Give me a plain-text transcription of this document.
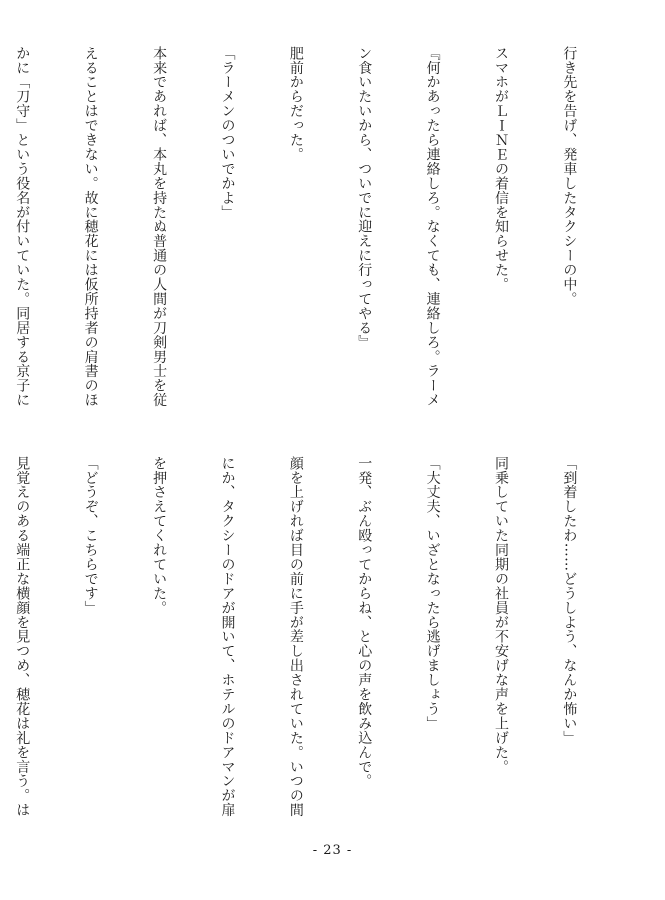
行き先を告げ、発車したタクシーの中。

スマホがＬＩＮＥの着信を知らせた。

『何かあったら連絡しろ。なくても、連絡しろ。ラーメ

ン食いたいから、ついでに迎えに行ってやる』

肥前からだった。

「ラーメンのついでかよ」

本来であれば、本丸を持たぬ普通の人間が刀剣男士を従

えることはできない。故に穂花には仮所持者の肩書のほ

かに「刀守」という役名が付いていた。同居する京子に

「到着したわ……どうしよう、なんか怖い」

同乗していた同期の社員が不安げな声を上げた。

「大丈夫、いざとなったら逃げましょう」

一発、ぶん殴ってからね、と心の声を飲み込んで。

顔を上げれば目の前に手が差し出されていた。いつの間

にか、タクシーのドアが開いて、ホテルのドアマンが扉

を押さえてくれていた。

「どうぞ、こちらです」

見覚えのある端正な横顔を見つめ、穂花は礼を言う。は

- 23 -
